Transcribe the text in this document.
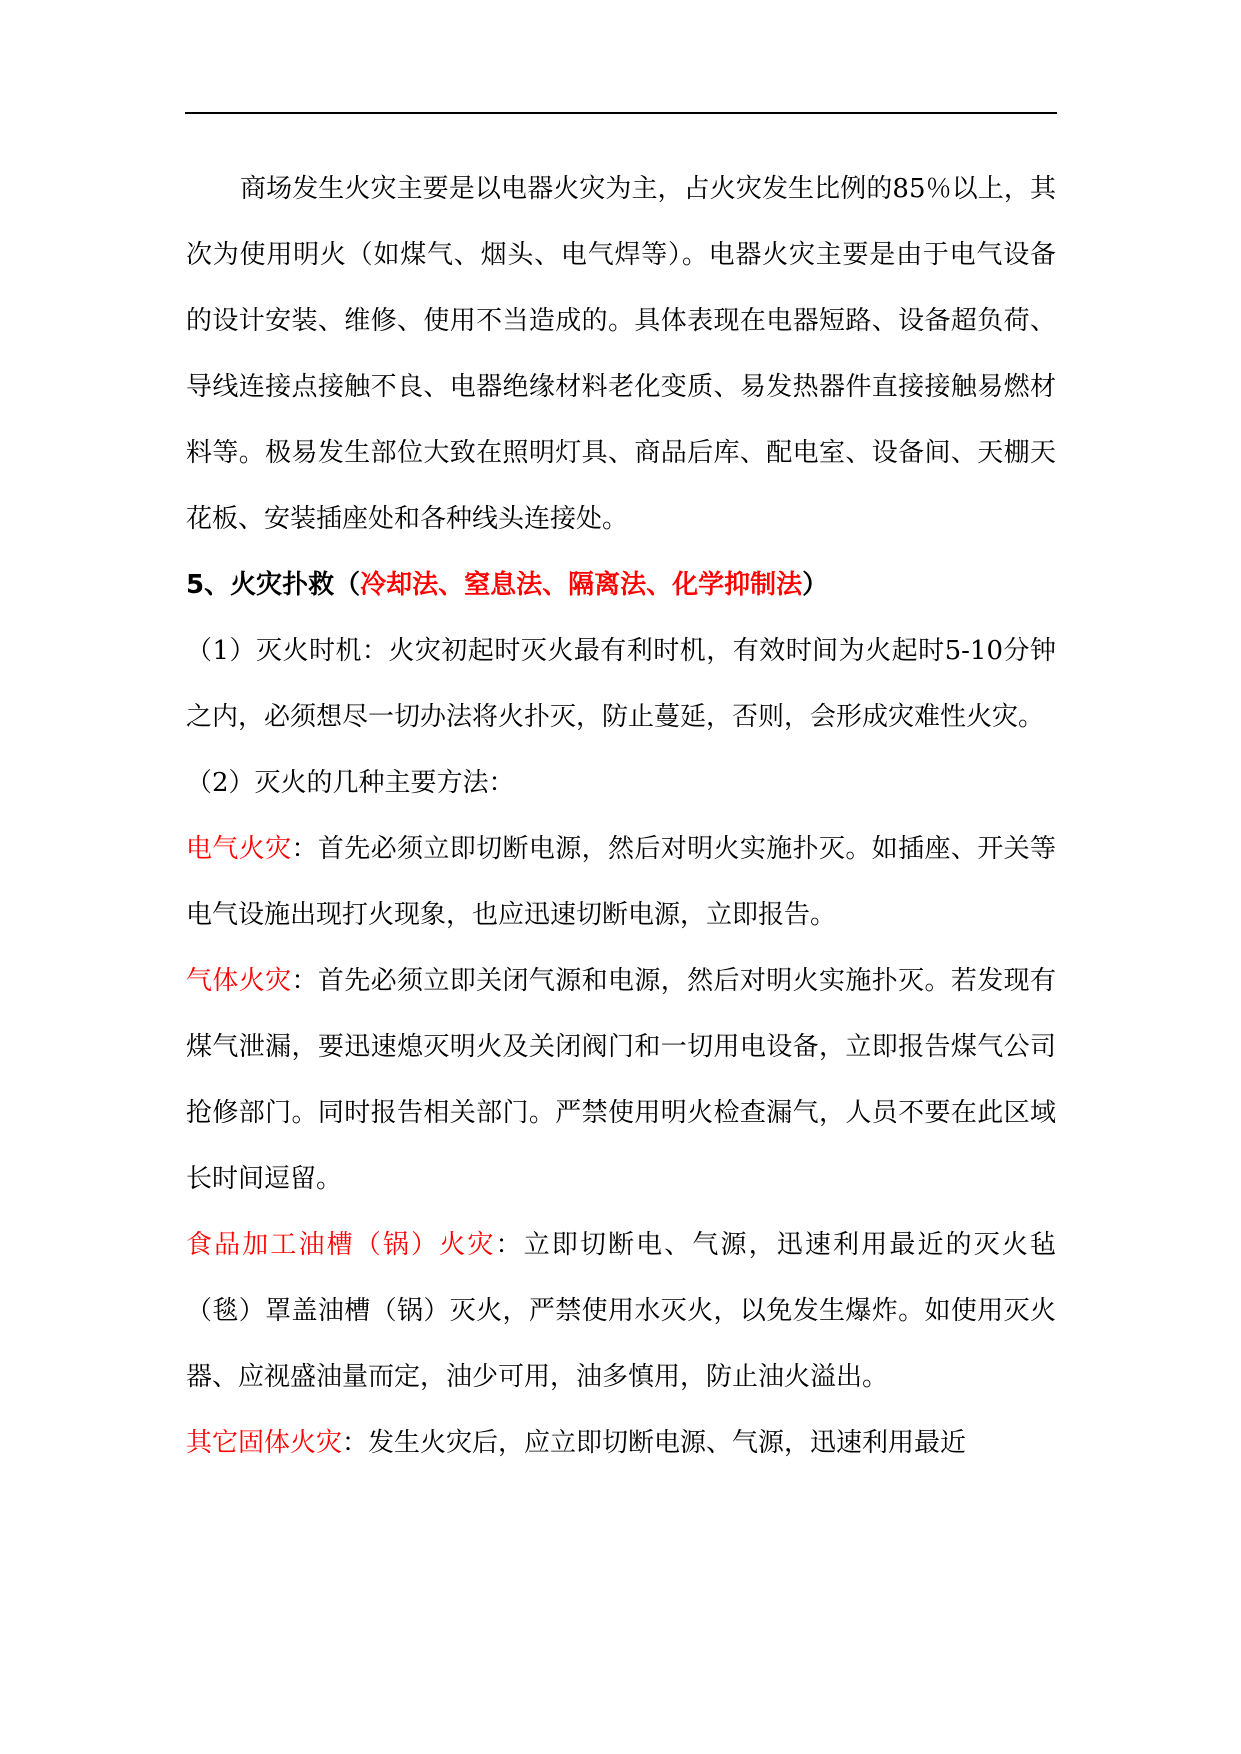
商场发生火灾主要是以电器火灾为主，占火灾发生比例的85％以上，其次为使用明火（如煤气、烟头、电气焊等）。电器火灾主要是由于电气设备的设计安装、维修、使用不当造成的。具体表现在电器短路、设备超负荷、导线连接点接触不良、电器绝缘材料老化变质、易发热器件直接接触易燃材料等。极易发生部位大致在照明灯具、商品后库、配电室、设备间、天棚天花板、安装插座处和各种线头连接处。

5、火灾扑救（冷却法、窒息法、隔离法、化学抑制法）

（1）灭火时机：火灾初起时灭火最有利时机，有效时间为火起时5-10分钟之内，必须想尽一切办法将火扑灭，防止蔓延，否则，会形成灾难性火灾。

（2）灭火的几种主要方法：

电气火灾：首先必须立即切断电源，然后对明火实施扑灭。如插座、开关等电气设施出现打火现象，也应迅速切断电源，立即报告。

气体火灾：首先必须立即关闭气源和电源，然后对明火实施扑灭。若发现有煤气泄漏，要迅速熄灭明火及关闭阀门和一切用电设备，立即报告煤气公司抢修部门。同时报告相关部门。严禁使用明火检查漏气，人员不要在此区域长时间逗留。

食品加工油槽（锅）火灾：立即切断电、气源，迅速利用最近的灭火毡（毯）罩盖油槽（锅）灭火，严禁使用水灭火，以免发生爆炸。如使用灭火器、应视盛油量而定，油少可用，油多慎用，防止油火溢出。

其它固体火灾：发生火灾后，应立即切断电源、气源，迅速利用最近
